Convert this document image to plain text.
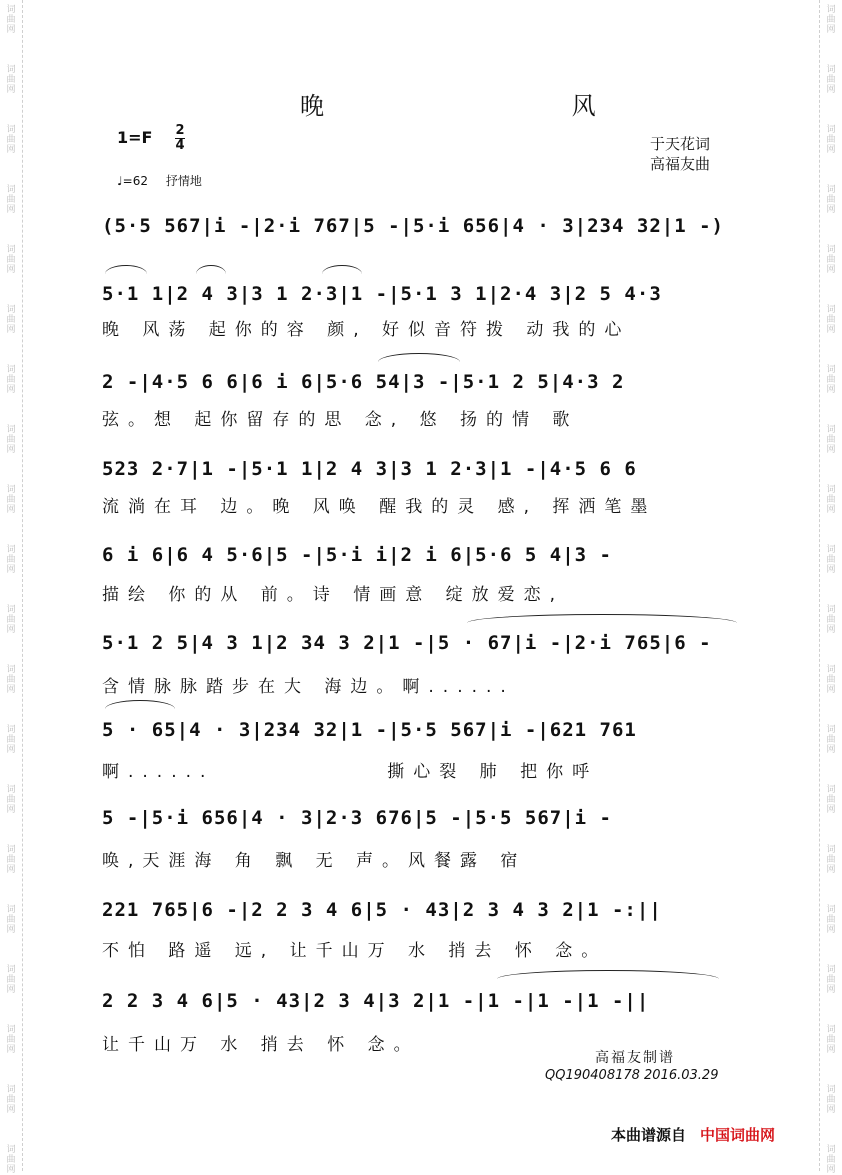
词
曲
网
词
曲
网
词
曲
网
词
曲
网
词
曲
网
词
曲
网
词
曲
网
词
曲
网
词
曲
网
词
曲
网
词
曲
网
词
曲
网
词
曲
网
词
曲
网
词
曲
网
词
曲
网
词
曲
网
词
曲
网
词
曲
网
词
曲
网
词
曲
网
词
曲
网
词
曲
网
词
曲
网
词
曲
网
词
曲
网
词
曲
网
词
曲
网
词
曲
网
词
曲
网
词
曲
网
词
曲
网
词
曲
网
词
曲
网
词
曲
网
词
曲
网
词
曲
网
词
曲
网
词
曲
网
词
曲
网
晚 风
1=F 2
4
♩=62 抒情地
于天花词
高福友曲
(5·5 567|i -|2·i 767|5 -|5·i 656|4 · 3|234 32|1 -)
5·1 1|2 4 3|3 1 2·3|1 -|5·1 3 1|2·4 3|2 5 4·3
晚 风荡 起你的容 颜, 好似音符拨 动我的心
2 -|4·5 6 6|6 i 6|5·6 54|3 -|5·1 2 5|4·3 2
弦。想 起你留存的思 念, 悠 扬的情 歌
523 2·7|1 -|5·1 1|2 4 3|3 1 2·3|1 -|4·5 6 6
流淌在耳 边。晚 风唤 醒我的灵 感, 挥洒笔墨
6 i 6|6 4 5·6|5 -|5·i i|2 i 6|5·6 5 4|3 -
描绘 你的从 前。诗 情画意 绽放爱恋,
5·1 2 5|4 3 1|2 34 3 2|1 -|5 · 67|i -|2·i 765|6 -
含情脉脉踏步在大 海边。啊......
5 · 65|4 · 3|234 32|1 -|5·5 567|i -|621 761
啊......            撕心裂 肺 把你呼
5 -|5·i 656|4 · 3|2·3 676|5 -|5·5 567|i -
唤,天涯海 角 飘 无 声。风餐露 宿
221 765|6 -|2 2 3 4 6|5 · 43|2 3 4 3 2|1 -:||
不怕 路遥 远, 让千山万 水 捎去 怀 念。
2 2 3 4 6|5 · 43|2 3 4|3 2|1 -|1 -|1 -|1 -||
让千山万 水 捎去 怀 念。
高福友制谱
QQ190408178 2016.03.29
本曲谱源自 中国词曲网
